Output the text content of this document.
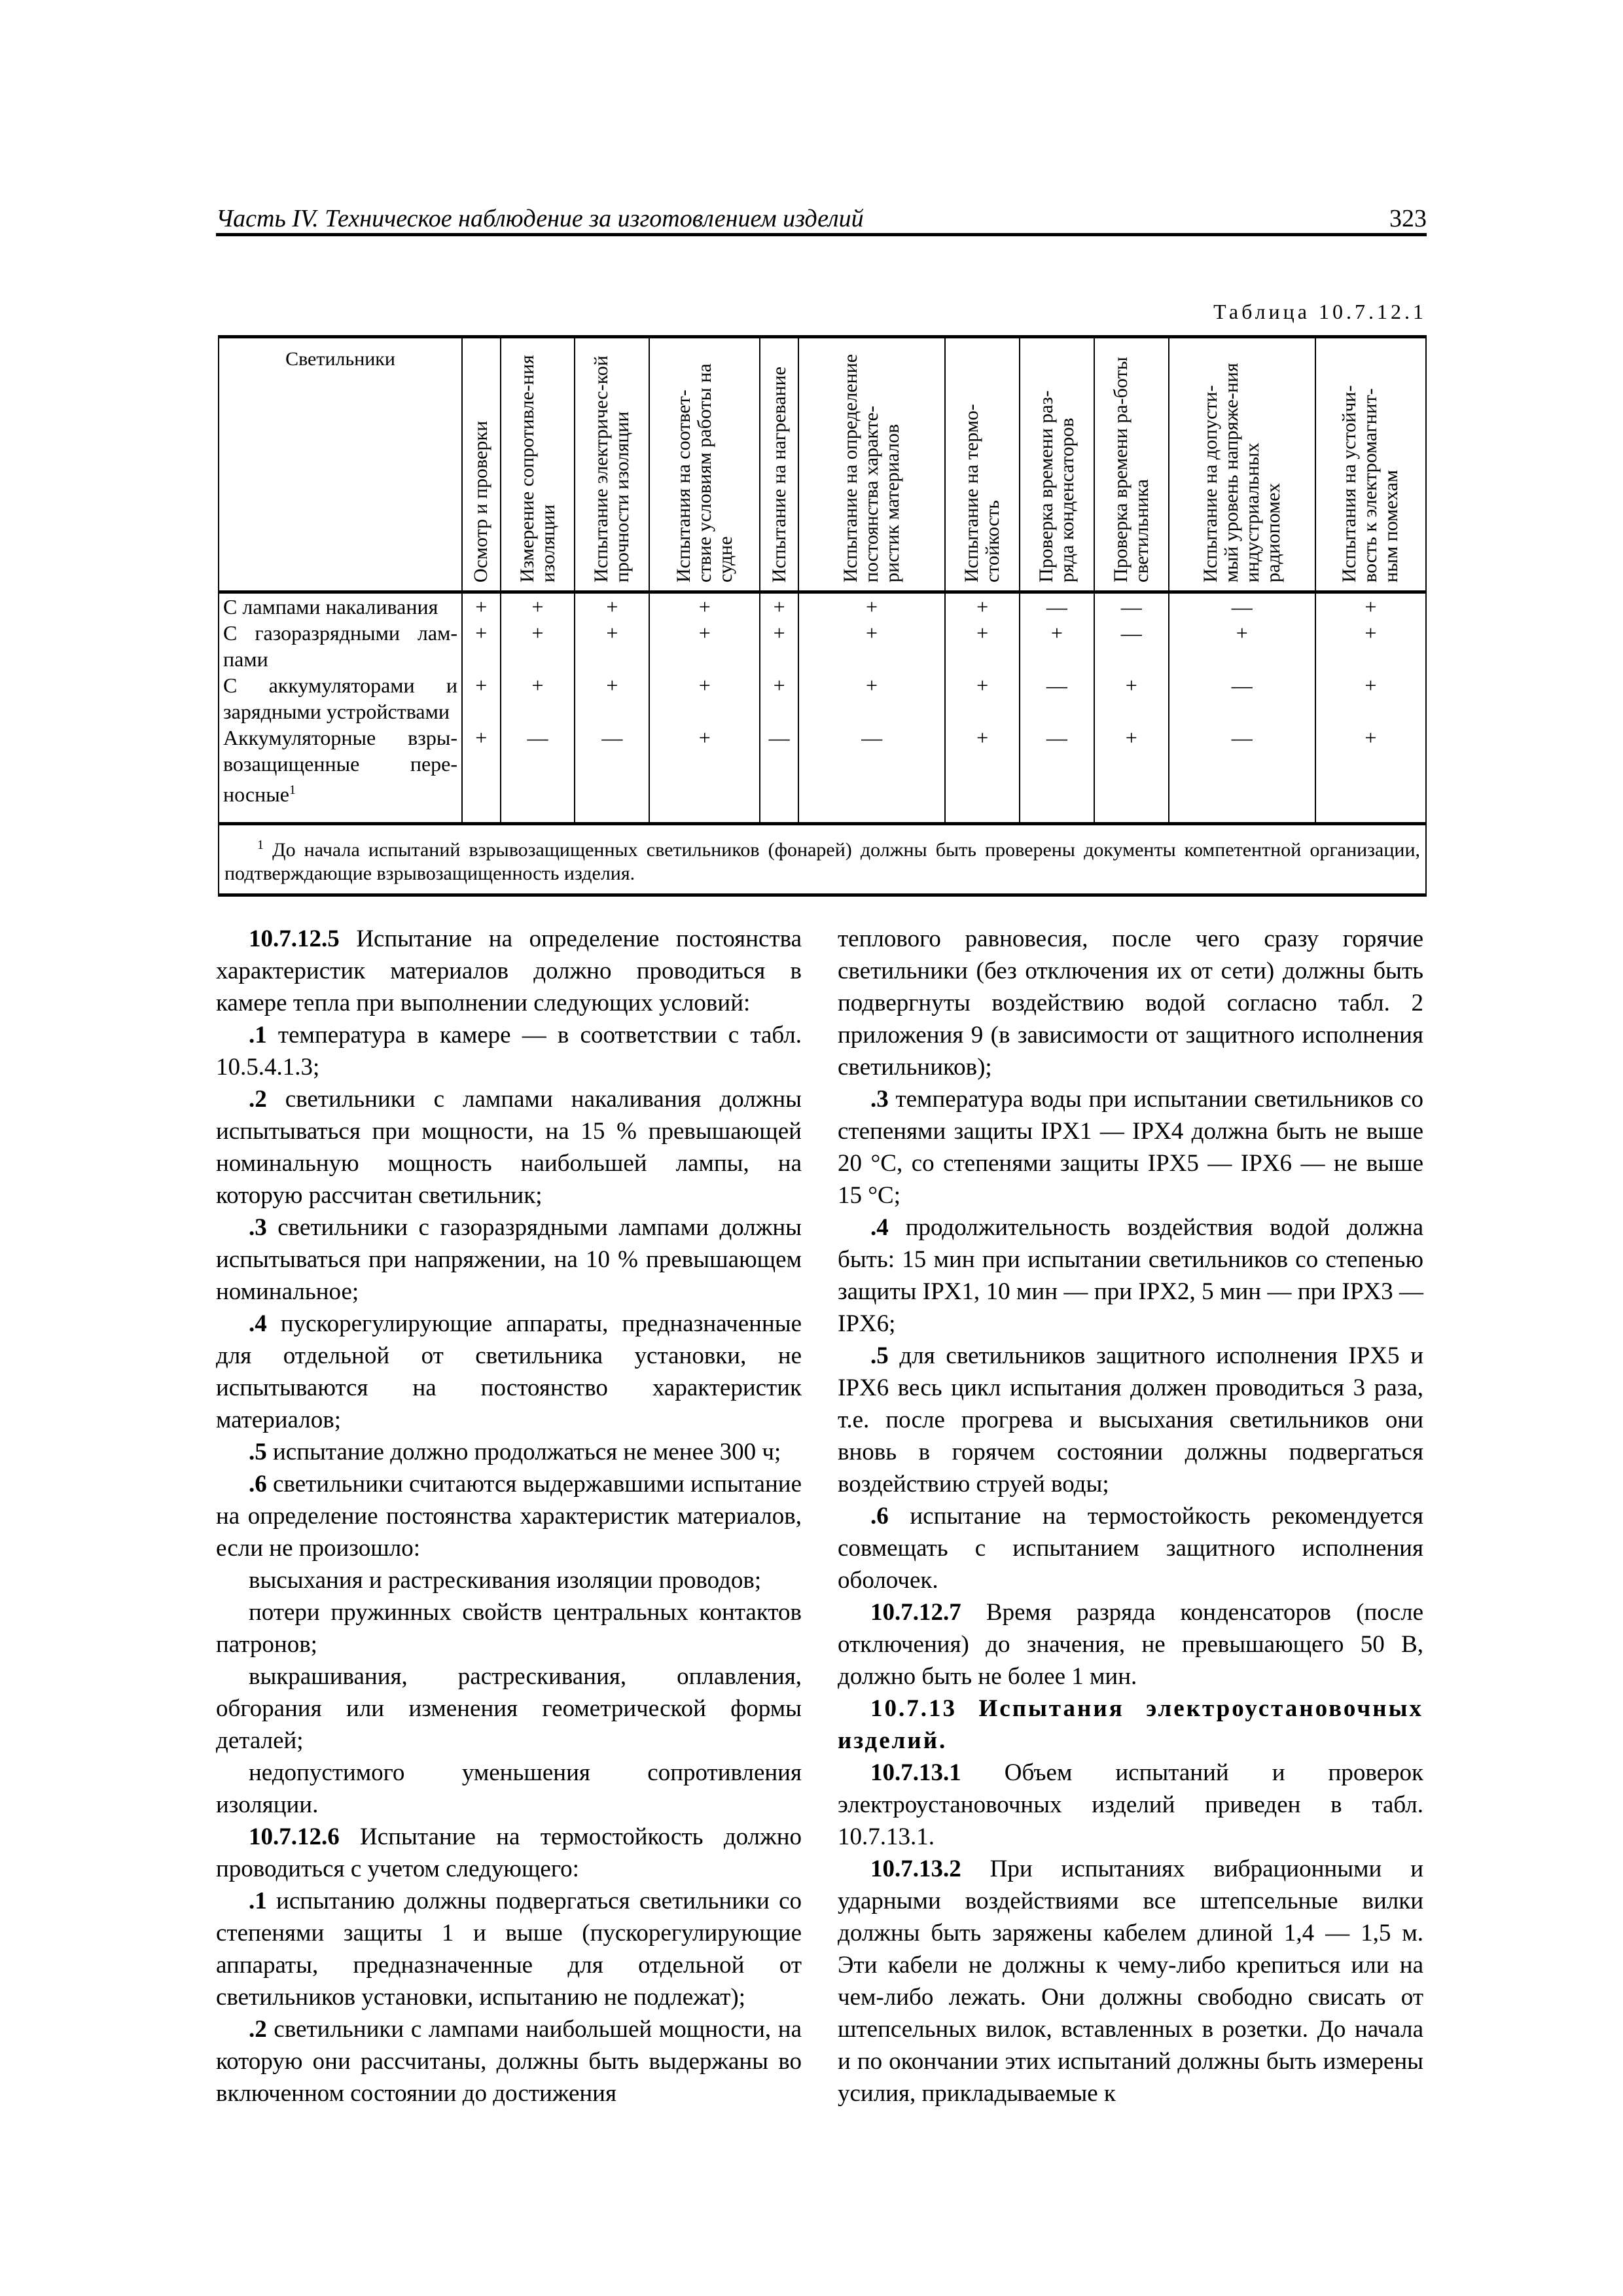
Часть IV. Техническое наблюдение за изготовлением изделий	323
Таблица 10.7.12.1
Светильники	Осмотр и проверки	Измерение сопротивле-ния изоляции	Испытание электричес-кой прочности изоляции	Испытания на соответ-ствие условиям работы на судне	Испытание на нагревание	Испытание на определение постоянства характе-ристик материалов	Испытание на термо-стойкость	Проверка времени раз-ряда конденсаторов	Проверка времени ра-боты светильника	Испытание на допусти-мый уровень напряже-ния индустриальных радиопомех	Испытания на устойчи-вость к электромагнит-ным помехам

С лампами накаливания	+	+	+	+	+	+	+	—	—	—	+
С газоразрядными лам-пами	+	+	+	+	+	+	+	+	—	+	+
С аккумуляторами и зарядными устройствами	+	+	+	+	+	+	+	—	+	—	+
Аккумуляторные взры-возащищенные пере-носные$^1$	+	—	—	+	—	—	+	—	+	—	+
$^1$ До начала испытаний взрывозащищенных светильников (фонарей) должны быть проверены документы компетентной организации, подтверждающие взрывозащищенность изделия.											

10.7.12.5 Испытание на определение постоянства характеристик материалов должно проводиться в камере тепла при выполнении следующих условий:

.1 температура в камере — в соответствии с табл. 10.5.4.1.3;

.2 светильники с лампами накаливания должны испытываться при мощности, на 15 % превышающей номинальную мощность наибольшей лампы, на которую рассчитан светильник;

.3 светильники с газоразрядными лампами должны испытываться при напряжении, на 10 % превышающем номинальное;

.4 пускорегулирующие аппараты, предназначенные для отдельной от светильника установки, не испытываются на постоянство характеристик материалов;

.5 испытание должно продолжаться не менее 300 ч;

.6 светильники считаются выдержавшими испытание на определение постоянства характеристик материалов, если не произошло:

высыхания и растрескивания изоляции проводов;

потери пружинных свойств центральных контактов патронов;

выкрашивания, растрескивания, оплавления, обгорания или изменения геометрической формы деталей;

недопустимого уменьшения сопротивления изоляции.

10.7.12.6 Испытание на термостойкость должно проводиться с учетом следующего:

.1 испытанию должны подвергаться светильники со степенями защиты 1 и выше (пускорегулирующие аппараты, предназначенные для отдельной от светильников установки, испытанию не подлежат);

.2 светильники с лампами наибольшей мощности, на которую они рассчитаны, должны быть выдержаны во включенном состоянии до достижения

теплового равновесия, после чего сразу горячие светильники (без отключения их от сети) должны быть подвергнуты воздействию водой согласно табл. 2 приложения 9 (в зависимости от защитного исполнения светильников);

.3 температура воды при испытании светильников со степенями защиты IPX1 — IPX4 должна быть не выше 20 °С, со степенями защиты IPX5 — IPX6 — не выше 15 °С;

.4 продолжительность воздействия водой должна быть: 15 мин при испытании светильников со степенью защиты IPX1, 10 мин — при IPX2, 5 мин — при IPX3 — IPX6;

.5 для светильников защитного исполнения IPX5 и IPX6 весь цикл испытания должен проводиться 3 раза, т.е. после прогрева и высыхания светильников они вновь в горячем состоянии должны подвергаться воздействию струей воды;

.6 испытание на термостойкость рекомендуется совмещать с испытанием защитного исполнения оболочек.

10.7.12.7 Время разряда конденсаторов (после отключения) до значения, не превышающего 50 В, должно быть не более 1 мин.

10.7.13 Испытания электроустановочных изделий.

10.7.13.1 Объем испытаний и проверок электроустановочных изделий приведен в табл. 10.7.13.1.

10.7.13.2 При испытаниях вибрационными и ударными воздействиями все штепсельные вилки должны быть заряжены кабелем длиной 1,4 — 1,5 м. Эти кабели не должны к чему-либо крепиться или на чем-либо лежать. Они должны свободно свисать от штепсельных вилок, вставленных в розетки. До начала и по окончании этих испытаний должны быть измерены усилия, прикладываемые к
